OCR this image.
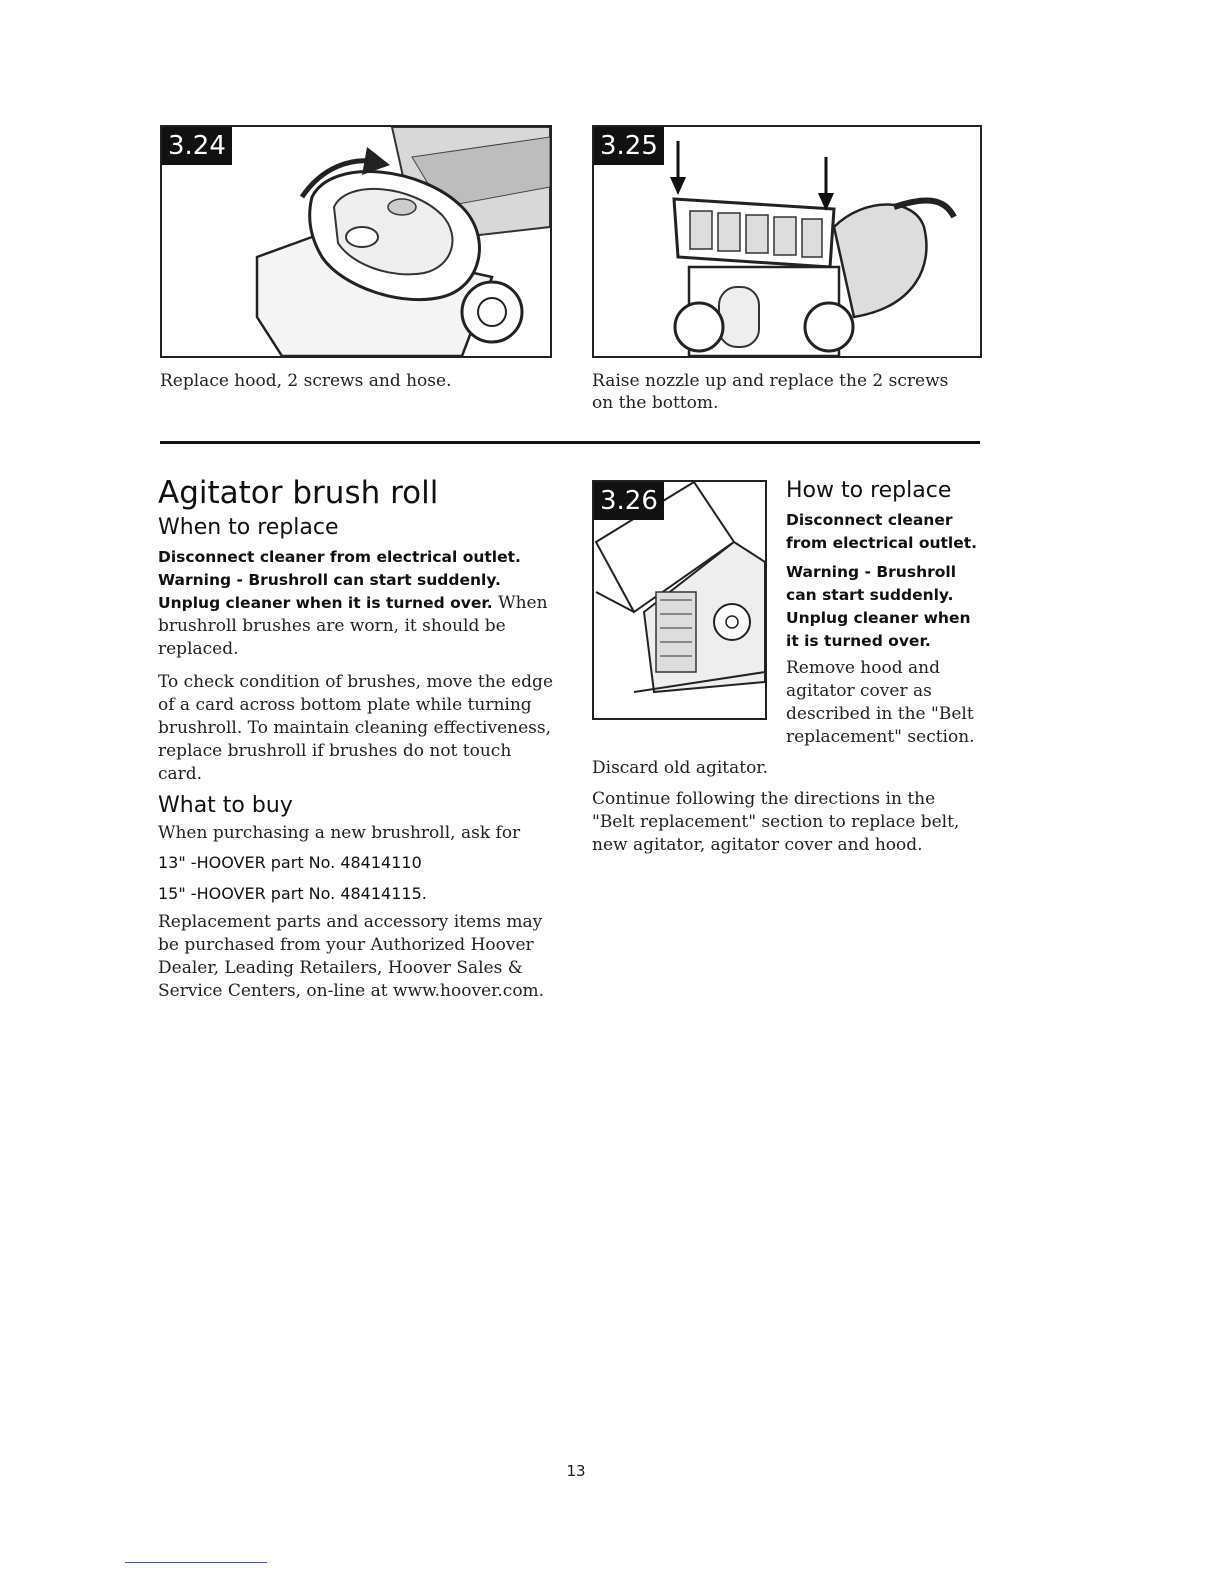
3.24
Replace hood, 2 screws and hose.
3.25
Raise nozzle up and replace the 2 screws on the bottom.
Agitator brush roll
When to replace

Disconnect cleaner from electrical outlet. Warning - Brushroll can start suddenly. Unplug cleaner when it is turned over. When brushroll brushes are worn, it should be replaced.

To check condition of brushes, move the edge of a card across bottom plate while turning brushroll. To maintain cleaning effectiveness, replace brushroll if brushes do not touch card.

What to buy

When purchasing a new brushroll, ask for

13" -HOOVER part No. 48414110

15" -HOOVER part No. 48414115.

Replacement parts and accessory items may be purchased from your Authorized Hoover Dealer, Leading Retailers, Hoover Sales & Service Centers, on-line at www.hoover.com.

3.26	How to replace

Disconnect cleaner from electrical outlet.

Warning - Brushroll can start suddenly. Unplug cleaner when it is turned over.

Remove hood and agitator cover as described in the "Belt replacement" section.

Discard old agitator.
Continue following the directions in the "Belt replacement" section to replace belt, new agitator, agitator cover and hood.
13
